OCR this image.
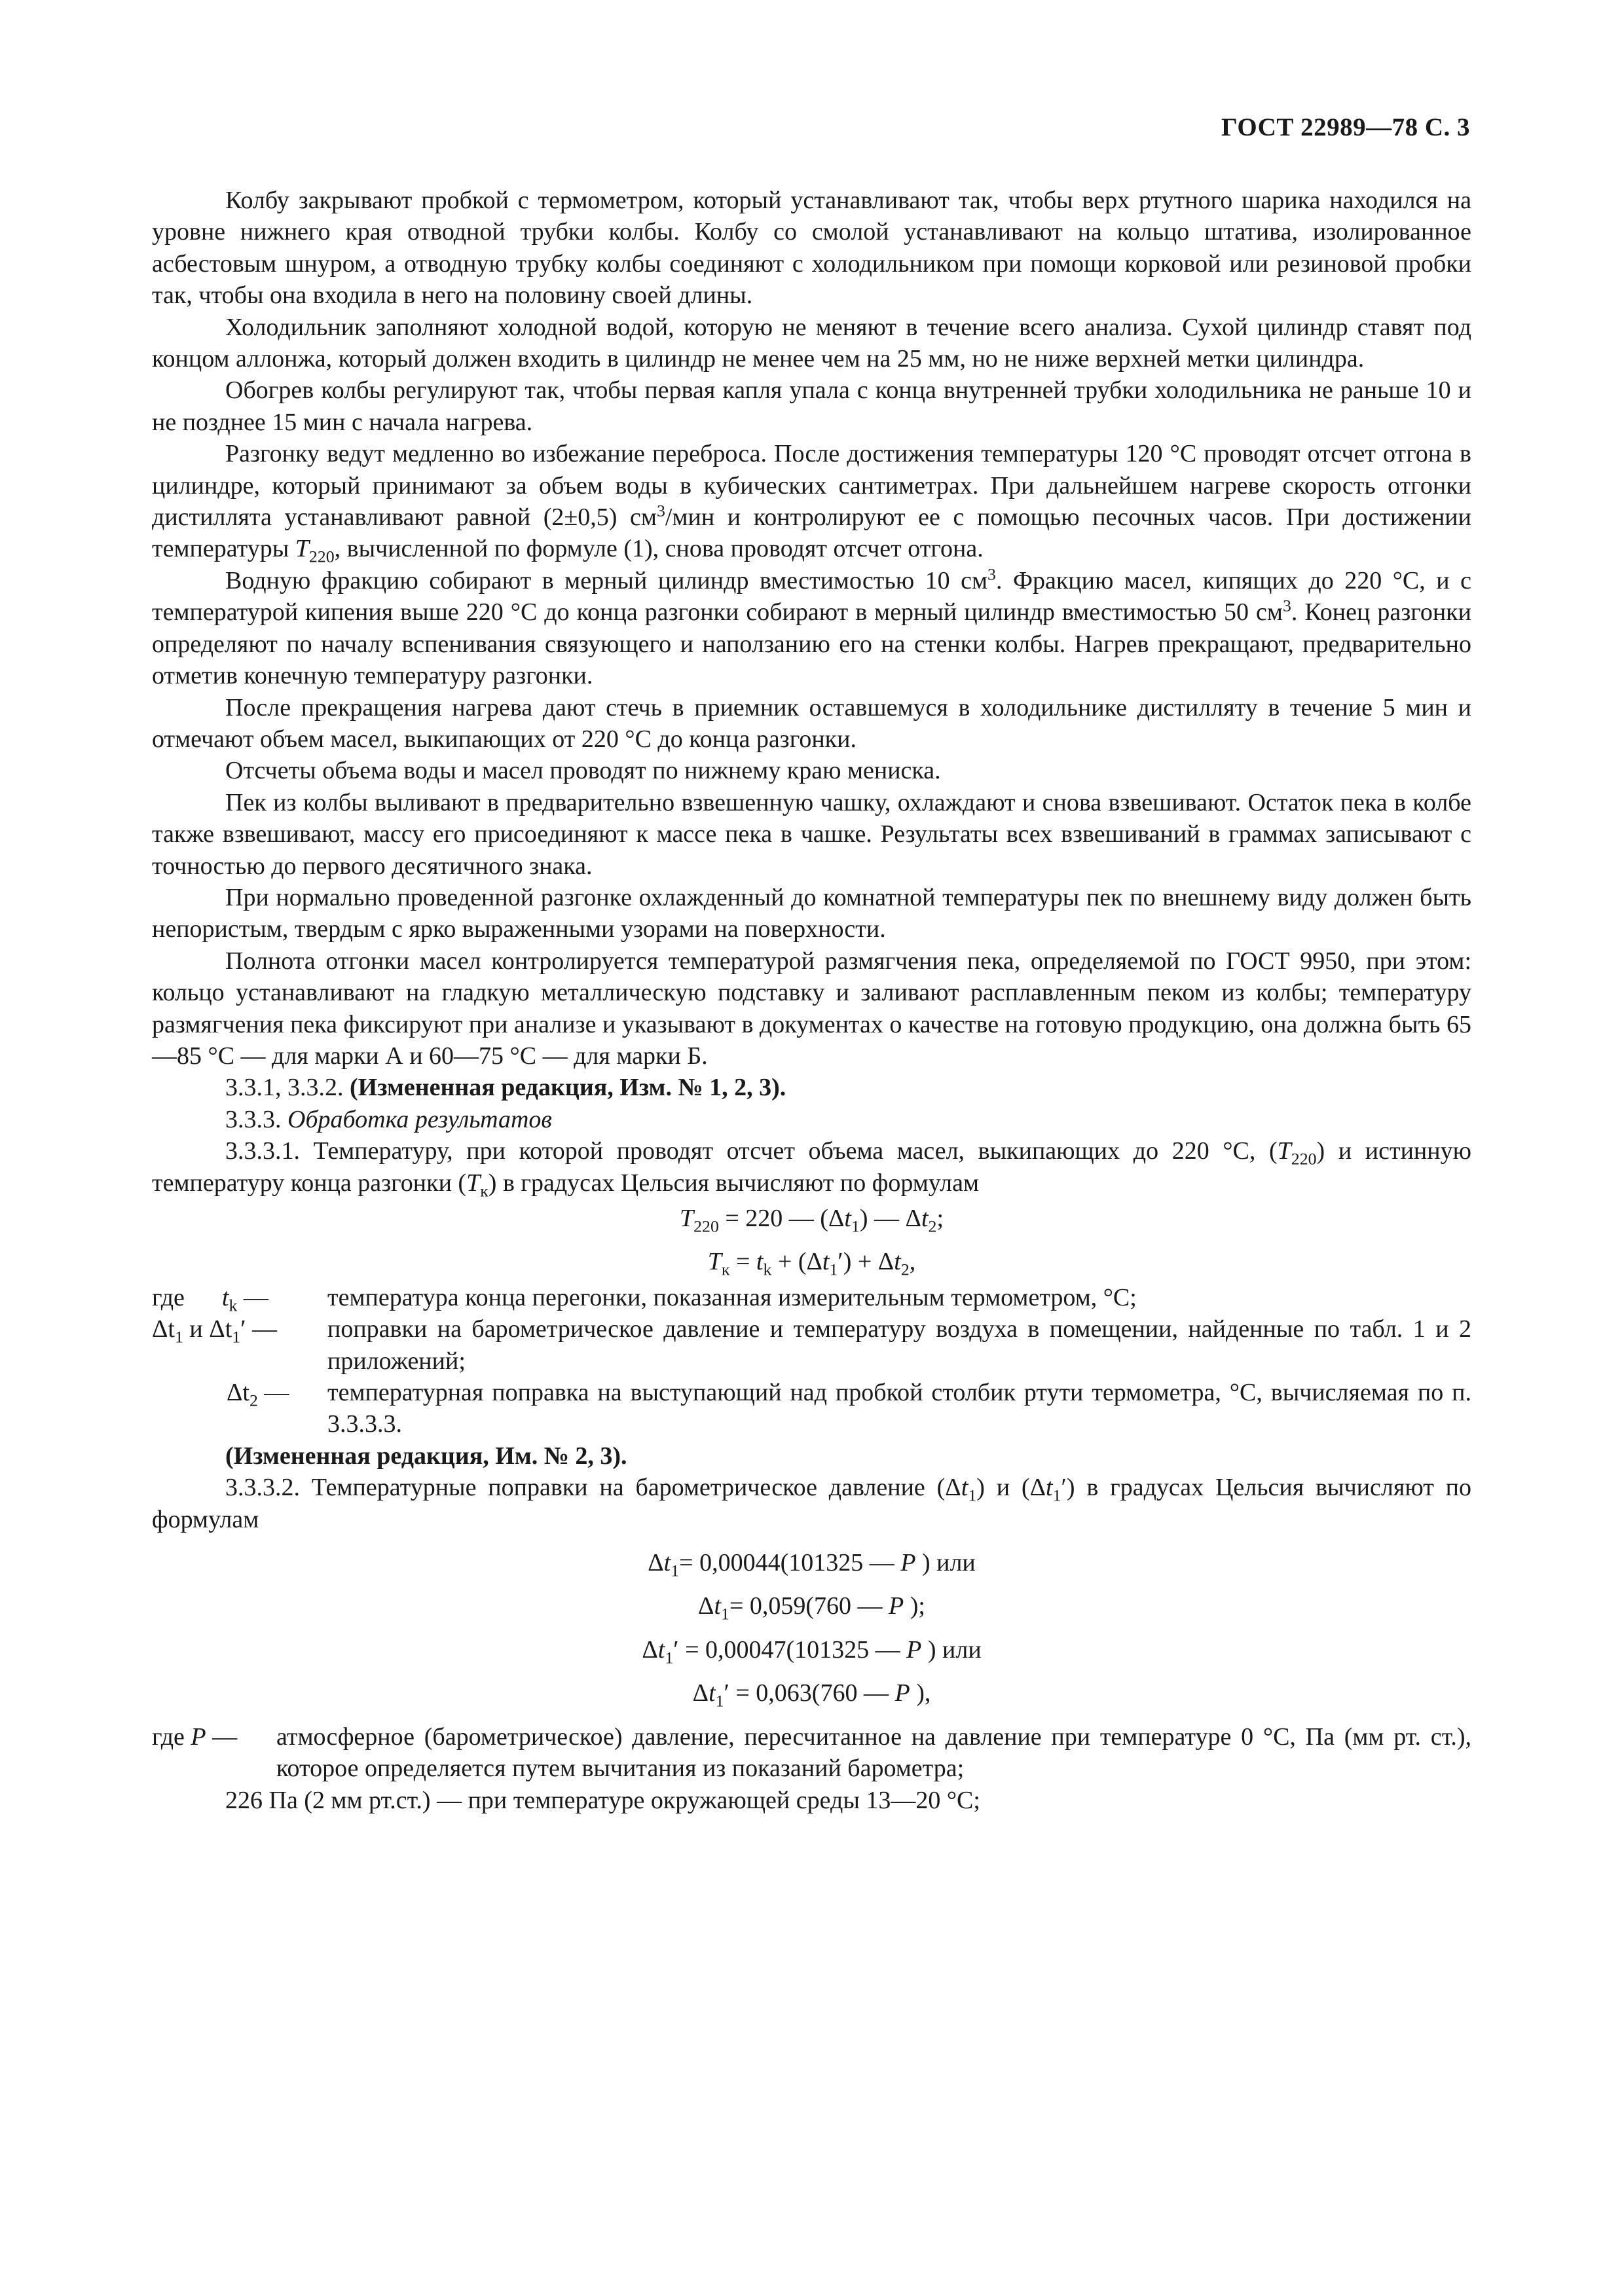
ГОСТ 22989—78 С. 3

Колбу закрывают пробкой с термометром, который устанавливают так, чтобы верх ртутного шарика находился на уровне нижнего края отводной трубки колбы. Колбу со смолой устанавливают на кольцо штатива, изолированное асбестовым шнуром, а отводную трубку колбы соединяют с холодильником при помощи корковой или резиновой пробки так, чтобы она входила в него на половину своей длины.

Холодильник заполняют холодной водой, которую не меняют в течение всего анализа. Сухой цилиндр ставят под концом аллонжа, который должен входить в цилиндр не менее чем на 25 мм, но не ниже верхней метки цилиндра.

Обогрев колбы регулируют так, чтобы первая капля упала с конца внутренней трубки холодильника не раньше 10 и не позднее 15 мин с начала нагрева.

Разгонку ведут медленно во избежание переброса. После достижения температуры 120 °С проводят отсчет отгона в цилиндре, который принимают за объем воды в кубических сантиметрах. При дальнейшем нагреве скорость отгонки дистиллята устанавливают равной (2±0,5) $см^3$/мин и контролируют ее с помощью песочных часов. При достижении температуры $T_{220}$, вычисленной по формуле (1), снова проводят отсчет отгона.

Водную фракцию собирают в мерный цилиндр вместимостью 10 $см^3$. Фракцию масел, кипящих до 220 °С, и с температурой кипения выше 220 °С до конца разгонки собирают в мерный цилиндр вместимостью 50 $см^3$. Конец разгонки определяют по началу вспенивания связующего и наползанию его на стенки колбы. Нагрев прекращают, предварительно отметив конечную температуру разгонки.

После прекращения нагрева дают стечь в приемник оставшемуся в холодильнике дистилляту в течение 5 мин и отмечают объем масел, выкипающих от 220 °С до конца разгонки.

Отсчеты объема воды и масел проводят по нижнему краю мениска.

Пек из колбы выливают в предварительно взвешенную чашку, охлаждают и снова взвешивают. Остаток пека в колбе также взвешивают, массу его присоединяют к массе пека в чашке. Результаты всех взвешиваний в граммах записывают с точностью до первого десятичного знака.

При нормально проведенной разгонке охлажденный до комнатной температуры пек по внешнему виду должен быть непористым, твердым с ярко выраженными узорами на поверхности.

Полнота отгонки масел контролируется температурой размягчения пека, определяемой по ГОСТ 9950, при этом: кольцо устанавливают на гладкую металлическую подставку и заливают расплавленным пеком из колбы; температуру размягчения пека фиксируют при анализе и указывают в документах о качестве на готовую продукцию, она должна быть 65—85 °С — для марки А и 60—75 °С — для марки Б.

3.3.1, 3.3.2. (Измененная редакция, Изм. № 1, 2, 3).

3.3.3. Обработка результатов

3.3.3.1. Температуру, при которой проводят отсчет объема масел, выкипающих до 220 °С, $(T_{220})$ и истинную температуру конца разгонки $(T_к)$ в градусах Цельсия вычисляют по формулам

$T_{220} = 220$ — $(\Delta t_1)$ — $\Delta t_2$;

$T_к = t_k + (\Delta t_1') + \Delta t_2$,

где $t_k$ —	температура конца перегонки, показанная измерительным термометром, °С;
$\Delta t_1$ и $\Delta t_1'$ —	поправки на барометрическое давление и температуру воздуха в помещении, найденные по табл. 1 и 2 приложений;
$\Delta t_2$ —	температурная поправка на выступающий над пробкой столбик ртути термометра, °С, вычисляемая по п. 3.3.3.3.

(Измененная редакция, Им. № 2, 3).

3.3.3.2. Температурные поправки на барометрическое давление $(\Delta t_1)$ и $(\Delta t_1')$ в градусах Цельсия вычисляют по формулам

$\Delta t_1= 0,00044(101325$ — P ) или

$\Delta t_1= 0,059(760$ — P );

$\Delta t_1' = 0,00047(101325$ — P ) или

$\Delta t_1' = 0,063(760$ — P ),

где P —	атмосферное (барометрическое) давление, пересчитанное на давление при температуре 0 °С, Па (мм рт. ст.), которое определяется путем вычитания из показаний барометра;

226 Па (2 мм рт.ст.) — при температуре окружающей среды 13—20 °С;
